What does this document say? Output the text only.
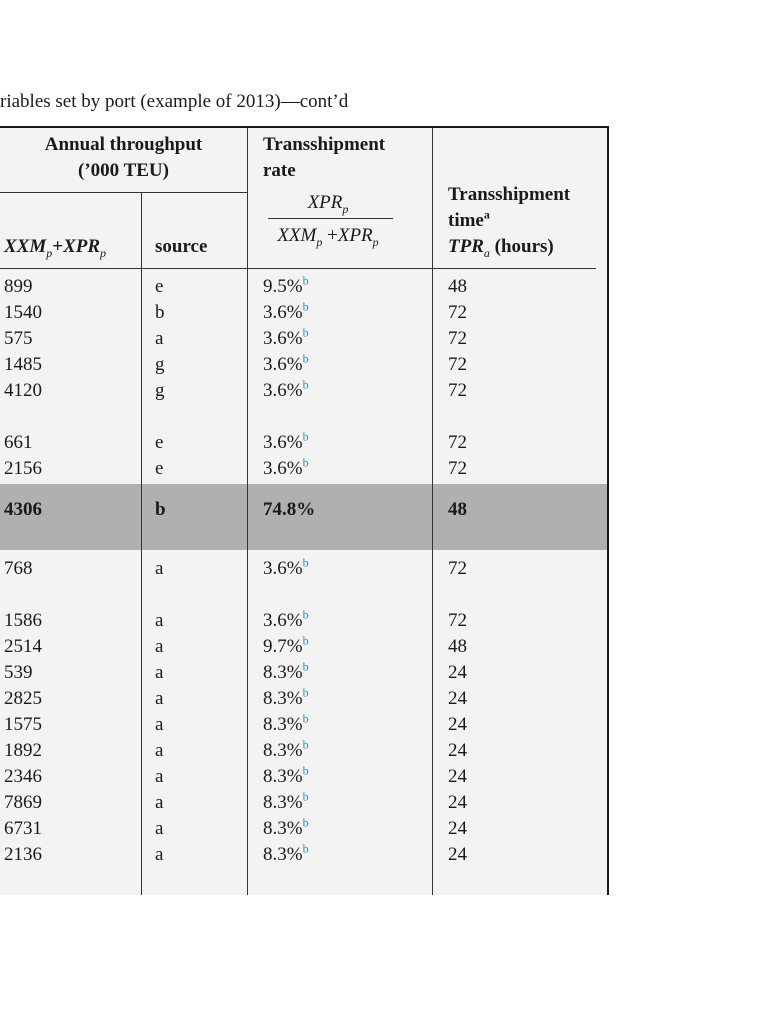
riables set by port (example of 2013)—cont’d
Annual throughput
(’000 TEU)
$XXM_p+XPR_p$	source
Transshipment
rate
$XPR_p$
$XXM_p +XPR_p$
Transshipment
time$^a$
$TPR_a$ (hours)
899	e	9.5%$^b$	48
1540	b	3.6%$^b$	72
575	a	3.6%$^b$	72
1485	g	3.6%$^b$	72
4120	g	3.6%$^b$	72
661	e	3.6%$^b$	72
2156	e	3.6%$^b$	72
4306	b	74.8%	48
768	a	3.6%$^b$	72
1586	a	3.6%$^b$	72
2514	a	9.7%$^b$	48
539	a	8.3%$^b$	24
2825	a	8.3%$^b$	24
1575	a	8.3%$^b$	24
1892	a	8.3%$^b$	24
2346	a	8.3%$^b$	24
7869	a	8.3%$^b$	24
6731	a	8.3%$^b$	24
2136	a	8.3%$^b$	24
